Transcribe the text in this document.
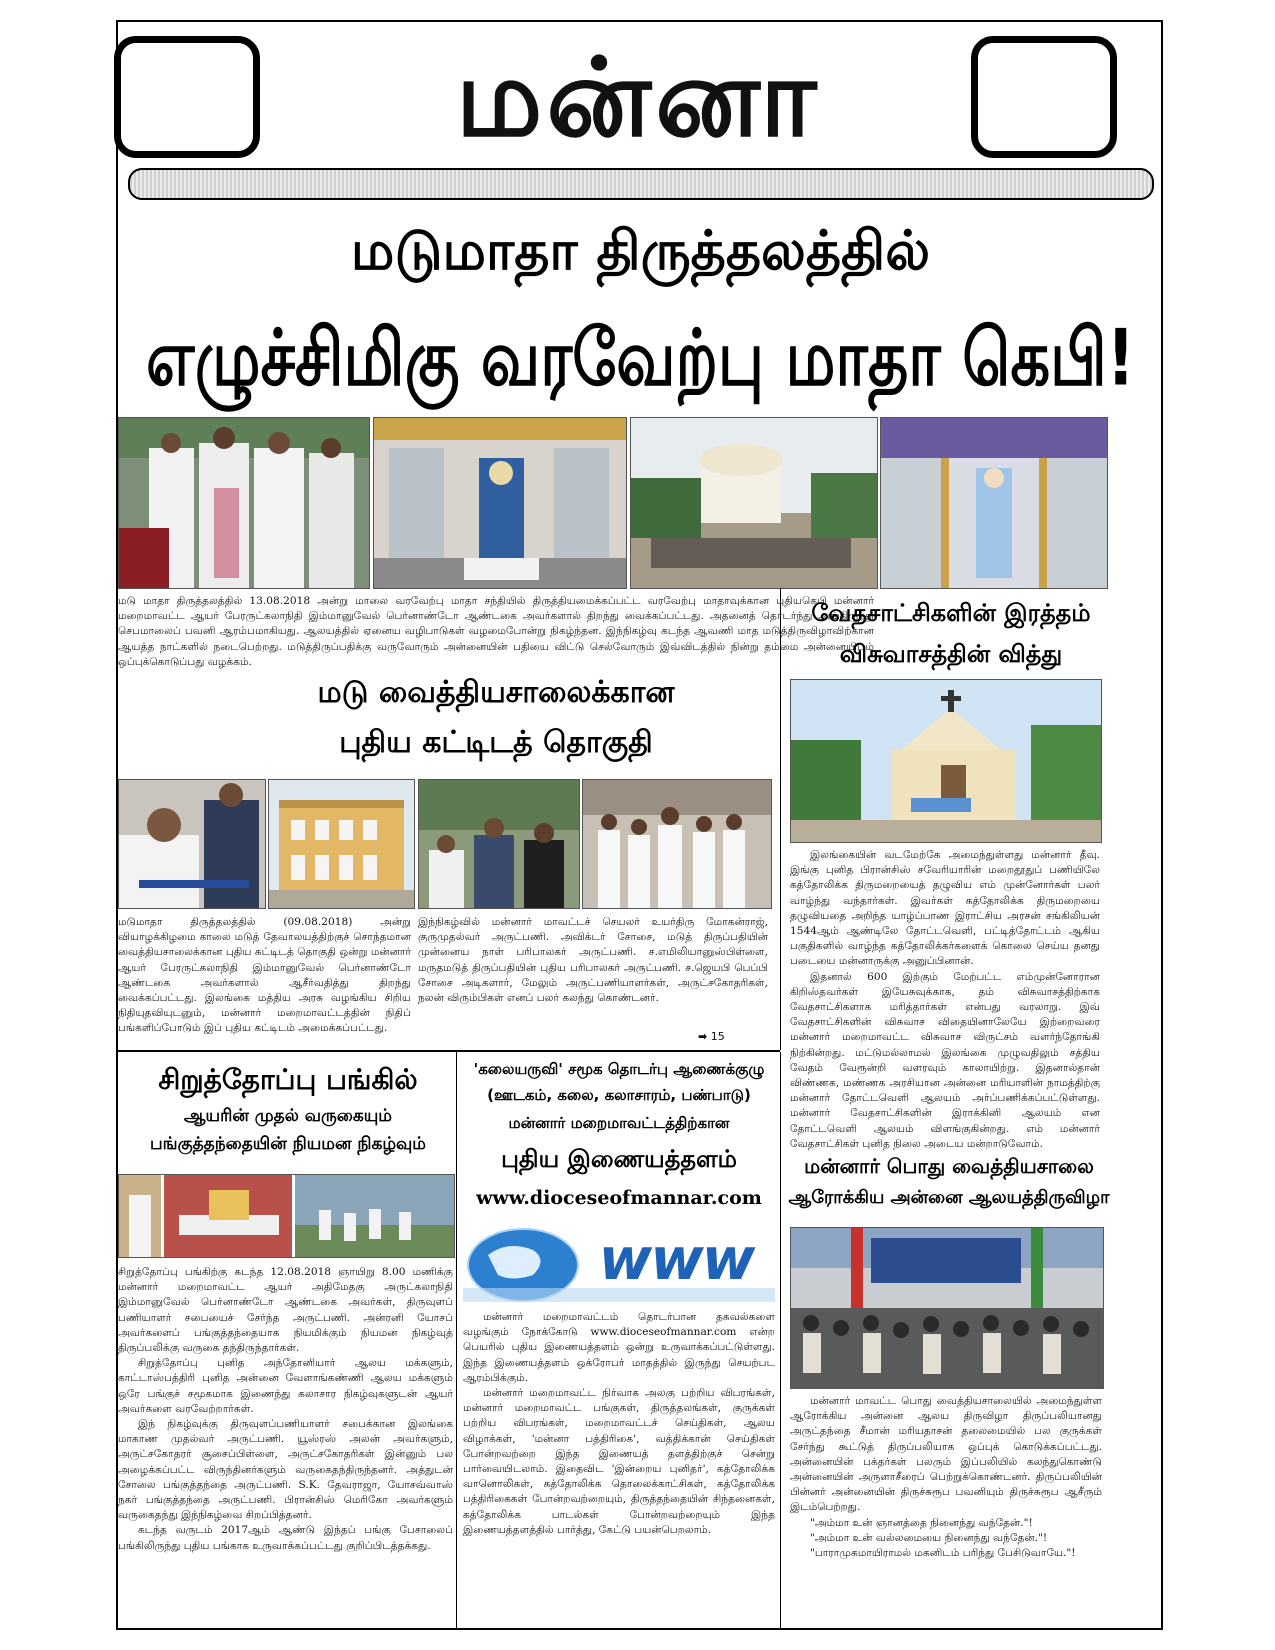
மன்னா
மடுமாதா திருத்தலத்தில்
எழுச்சிமிகு வரவேற்பு மாதா கெபி!

மடு மாதா திருத்தலத்தில் 13.08.2018 அன்று மாலை வரவேற்பு மாதா சந்தியில் திருத்தியமைக்கப்பட்ட வரவேற்பு மாதாவுக்கான புதியகெபி மன்னார் மறைமாவட்ட ஆயர் பேரருட்கலாநிதி இம்மானுவேல் பெர்னாண்டோ ஆண்டகை அவர்களால் திறந்து வைக்கப்பட்டது. அதனைத் தொடர்ந்து அங்கிருந்து செபமாலைப் பவனி ஆரம்பமாகியது. ஆலயத்தில் ஏனைய வழிபாடுகள் வழமைபோன்று நிகழ்ந்தன. இந்நிகழ்வு கடந்த ஆவணி மாத மடுத்திருவிழாவிற்கான ஆயத்த நாட்களில் நடைபெற்றது. மடுத்திருப்பதிக்கு வருவோரும் அன்னையின் பதியை விட்டு செல்வோரும் இவ்விடத்தில் நின்று தம்மை அன்னையிடம் ஒப்புக்கொடுப்பது வழக்கம்.

மடு வைத்தியசாலைக்கான
புதிய கட்டிடத் தொகுதி

மடுமாதா திருத்தலத்தில் (09.08.2018) அன்று வியாழக்கிழமை காலை மடுத் தேவாலயத்திற்குச் சொந்தமான வைத்தியசாலைக்கான புதிய கட்டிடத் தொகுதி ஒன்று மன்னார் ஆயர் பேரருட்கலாநிதி இம்மானுவேல் பெர்னாண்டோ ஆண்டகை அவர்களால் ஆசீர்வதித்து திறந்து வைக்கப்பட்டது. இலங்கை மத்திய அரசு வழங்கிய சிறிய நிதியுதவியுடனும், மன்னார் மறைமாவட்டத்தின் நிதிப் பங்களிப்போடும் இப் புதிய கட்டிடம் அமைக்கப்பட்டது.

இந்நிகழ்வில் மன்னார் மாவட்டச் செயலர் உயர்திரு மோகன்ராஜ், குருமுதல்வர் அருட்பணி. அவிக்டர் சோசை, மடுத் திருப்பதியின் முன்னைய நாள் பரிபாலகர் அருட்பணி. ச.எமிலியானுஸ்பிள்ளை, மருதமடுத் திருப்பதியின் புதிய பரிபாலகர் அருட்பணி. ச.ஜெயபி பெப்பி சோசை அடிகளார், மேலும் அருட்பணியாளர்கள், அருட்சகோதரிகள், நலன் விரும்பிகள் எனப் பலர் கலந்து கொண்டனர்.

➡ 15
வேதசாட்சிகளின் இரத்தம்
விசுவாசத்தின் வித்து

இலங்கையின் வடமேற்கே அமைந்துள்ளது மன்னார் தீவு. இங்கு புனித பிரான்சிஸ் சவேரியாரின் மறைதூதுப் பணியிலே கத்தோலிக்க திருமறையைத் தழுவிய எம் முன்னோர்கள் பலர் வாழ்ந்து வந்தார்கள். இவர்கள் கத்தோலிக்க திருமறையை தழுவியதை அறிந்த யாழ்ப்பாண இராட்சிய அரசன் சங்கிலியன் 1544ஆம் ஆண்டிலே தோட்டவெளி, பட்டித்தோட்டம் ஆகிய பகுதிகளில் வாழ்ந்த கத்தோலிக்கர்களைக் கொலை செய்ய தனது படையை மன்னாருக்கு அனுப்பினான்.

இதனால் 600 இற்கும் மேற்பட்ட எம்முன்னோரான கிறிஸ்தவர்கள் இயேசுவுக்காக, தம் விசுவாசத்திற்காக வேதசாட்சிகளாக மரித்தார்கள் என்பது வரலாறு. இவ் வேதசாட்சிகளின் விசுவாச விதையினாலேயே இற்றைவரை மன்னார் மறைமாவட்ட விசுவாச விருட்சம் வளர்ந்தோங்கி நிற்கின்றது. மட்டுமல்லாமல் இலங்கை முழுவதிலும் சத்திய வேதம் வேரூன்றி வளரவும் காலாயிற்று. இதனால்தான் விண்ணக, மண்ணக அரசியான அன்னை மரியாளின் நாமத்திற்கு மன்னார் தோட்டவெளி ஆலயம் அர்ப்பணிக்கப்பட்டுள்ளது. மன்னார் வேதசாட்சிகளின் இராக்கினி ஆலயம் என தோட்டவெளி ஆலயம் விளங்குகின்றது. எம் மன்னார் வேதசாட்சிகள் புனித நிலை அடைய மன்றாடுவோம்.

சிறுத்தோப்பு பங்கில்
ஆயரின் முதல் வருகையும்
பங்குத்தந்தையின் நியமன நிகழ்வும்

சிறுத்தோப்பு பங்கிற்கு கடந்த 12.08.2018 ஞாயிறு 8.00 மணிக்கு மன்னார் மறைமாவட்ட ஆயர் அதிமேதகு அருட்கலாநிதி இம்மானுவேல் பெர்னாண்டோ ஆண்டகை அவர்கள், திருவுளப் பணியாளர் சபையைச் சேர்ந்த அருட்பணி. அன்ரனி யோசப் அவர்களைப் பங்குத்தந்தையாக நியமிக்கும் நியமன நிகழ்வுத் திருப்பலிக்கு வருகை தந்திருந்தார்கள்.

சிறுத்தோப்பு புனித அந்தோனியார் ஆலய மக்களும், காட்டாஸ்பத்திரி புனித அன்னை வேளாங்கண்ணி ஆலய மக்களும் ஒரே பங்குச் சமூகமாக இணைந்து கலாசார நிகழ்வுகளுடன் ஆயர் அவர்களை வரவேற்றார்கள்.

இந் நிகழ்வுக்கு திருவுளப்பணியாளர் சபைக்கான இலங்கை மாகாண முதல்வர் அருட்பணி. யூஸ்ரஸ் அலன் அவர்களும், அருட்சகோதரர் சூசைப்பிள்ளை, அருட்சகோதரிகள் இன்னும் பல அழைக்கப்பட்ட விருந்தினர்களும் வருகைதந்திருந்தனர். அத்துடன் சோலை பங்குத்தந்தை அருட்பணி. S.K. தேவராஜா, யோசவ்வாஸ் நகர் பங்குத்தந்தை அருட்பணி. பிரான்சிஸ் மெரிகோ அவர்களும் வருகைதந்து இந்நிகழ்வை சிறப்பித்தனர்.

கடந்த வருடம் 2017ஆம் ஆண்டு இந்தப் பங்கு பேசாலைப் பங்கிலிருந்து புதிய பங்காக உருவாக்கப்பட்டது குறிப்பிடத்தக்கது.

'கலையருவி' சமூக தொடர்பு ஆணைக்குழு
(ஊடகம், கலை, கலாசாரம், பண்பாடு)
மன்னார் மறைமாவட்டத்திற்கான
புதிய இணையத்தளம்
www.dioceseofmannar.com
www

மன்னார் மறைமாவட்டம் தொடர்பான தகவல்களை வழங்கும் நோக்கோடு www.dioceseofmannar.com என்ற பெயரில் புதிய இணையத்தளம் ஒன்று உருவாக்கப்பட்டுள்ளது. இந்த இணையத்தளம் ஒக்ரோபர் மாதத்தில் இருந்து செயற்பட ஆரம்பிக்கும்.

மன்னார் மறைமாவட்ட நிர்வாக அலகு பற்றிய விபரங்கள், மன்னார் மறைமாவட்ட பங்குகள், திருத்தலங்கள், குருக்கள் பற்றிய விபரங்கள், மறைமாவட்டச் செய்திகள், ஆலய விழாக்கள், 'மன்னா பத்திரிகை', வத்திக்கான் செய்திகள் போன்றவற்றை இந்த இணையத் தளத்திற்குச் சென்று பார்வையிடலாம். இதைவிட 'இன்றைய புனிதர்', கத்தோலிக்க வானொலிகள், கத்தோலிக்க தொலைக்காட்சிகள், கத்தோலிக்க பத்திரிகைகள் போன்றவற்றையும், திருத்தந்தையின் சிந்தனைகள், கத்தோலிக்க பாடல்கள் போன்றவற்றையும் இந்த இணையத்தளத்தில் பார்த்து, கேட்டு பயன்பெறலாம்.

மன்னார் பொது வைத்தியசாலை
ஆரோக்கிய அன்னை ஆலயத்திருவிழா

மன்னார் மாவட்ட பொது வைத்தியசாலையில் அமைந்துள்ள ஆரோக்கிய அன்னை ஆலய திருவிழா திருப்பலியானது அருட்தந்தை சீமான் மரியதாசன் தலைமையில் பல குருக்கள் சேர்ந்து கூட்டுத் திருப்பலியாக ஒப்புக் கொடுக்கப்பட்டது. அன்னையின் பக்தர்கள் பலரும் இப்பலியில் கலந்துகொண்டு அன்னையின் அருளாசீரைப் பெற்றுக்கொண்டனர். திருப்பலியின் பின்னர் அன்னையின் திருச்சுரூப பவனியும் திருச்சுரூப ஆசீரும் இடம்பெற்றது.

"அம்மா உன் ஞானத்தை நினைந்து வந்தேன்."!

"அம்மா உன் வல்லமையை நினைந்து வந்தேன்."!

"பாராமுகமாயிராமல் மகனிடம் பரிந்து பேசிடுவாயே."!
